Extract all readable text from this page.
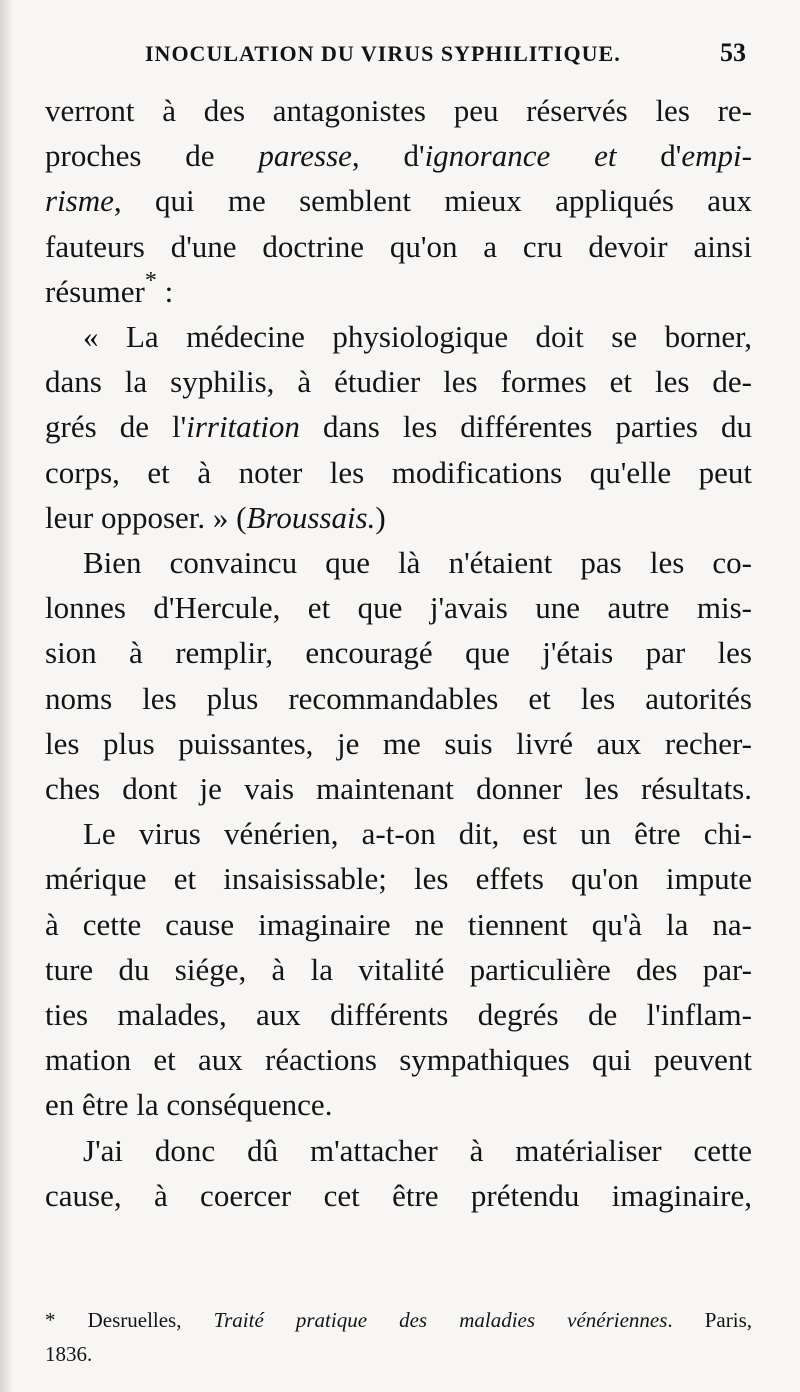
INOCULATION DU VIRUS SYPHILITIQUE.	53

verront à des antagonistes peu réservés les re-
proches de paresse, d'ignorance et d'empi-
risme, qui me semblent mieux appliqués aux
fauteurs d'une doctrine qu'on a cru devoir ainsi
résumer* :

« La médecine physiologique doit se borner,
dans la syphilis, à étudier les formes et les de-
grés de l'irritation dans les différentes parties du
corps, et à noter les modifications qu'elle peut
leur opposer. » (Broussais.)

Bien convaincu que là n'étaient pas les co-
lonnes d'Hercule, et que j'avais une autre mis-
sion à remplir, encouragé que j'étais par les
noms les plus recommandables et les autorités
les plus puissantes, je me suis livré aux recher-
ches dont je vais maintenant donner les résultats.

Le virus vénérien, a-t-on dit, est un être chi-
mérique et insaisissable; les effets qu'on impute
à cette cause imaginaire ne tiennent qu'à la na-
ture du siége, à la vitalité particulière des par-
ties malades, aux différents degrés de l'inflam-
mation et aux réactions sympathiques qui peuvent
en être la conséquence.

J'ai donc dû m'attacher à matérialiser cette
cause, à coercer cet être prétendu imaginaire,

* Desruelles, Traité pratique des maladies vénériennes. Paris,
1836.
